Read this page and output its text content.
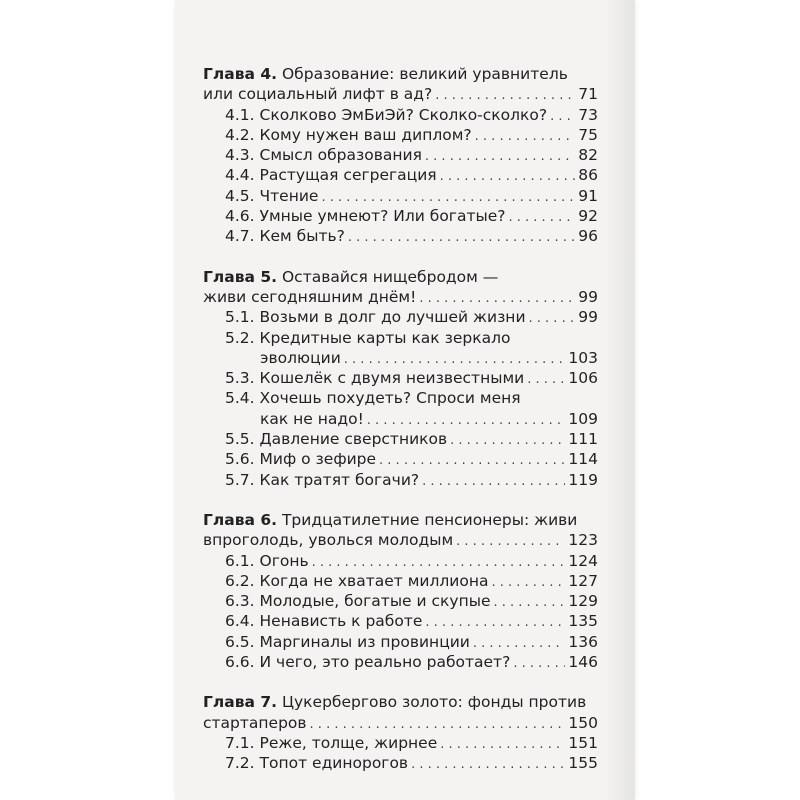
Глава 4. Образование: великий уравнитель
или социальный лифт в ад? . . .	71
4.1. Сколково ЭмБиЭй? Сколко-сколко? . . . 73
4.2. Кому нужен ваш диплом? . . .	75
4.3. Смысл образования . . .	82
4.4. Растущая сегрегация . . .	86
4.5. Чтение . . .	91
4.6. Умные умнеют? Или богатые? . . .	92
4.7. Кем быть? . . .	96
Глава 5. Оставайся нищебродом —
живи сегодняшним днём! . . .	99
5.1. Возьми в долг до лучшей жизни . . .	99
5.2. Кредитные карты как зеркало
эволюции . . .	103
5.3. Кошелёк с двумя неизвестными . . .	106
5.4. Хочешь похудеть? Спроси меня
как не надо! . . .	109
5.5. Давление сверстников . . .	111
5.6. Миф о зефире . . .	114
5.7. Как тратят богачи? . . .	119
Глава 6. Тридцатилетние пенсионеры: живи
впроголодь, уволься молодым . . .	123
6.1. Огонь . . .	124
6.2. Когда не хватает миллиона . . .	127
6.3. Молодые, богатые и скупые . . .	129
6.4. Ненависть к работе . . .	135
6.5. Маргиналы из провинции . . .	136
6.6. И чего, это реально работает? . . .	146
Глава 7. Цукербергово золото: фонды против
стартаперов . . .	150
7.1. Реже, толще, жирнее . . .	151
7.2. Топот единорогов . . .	155
